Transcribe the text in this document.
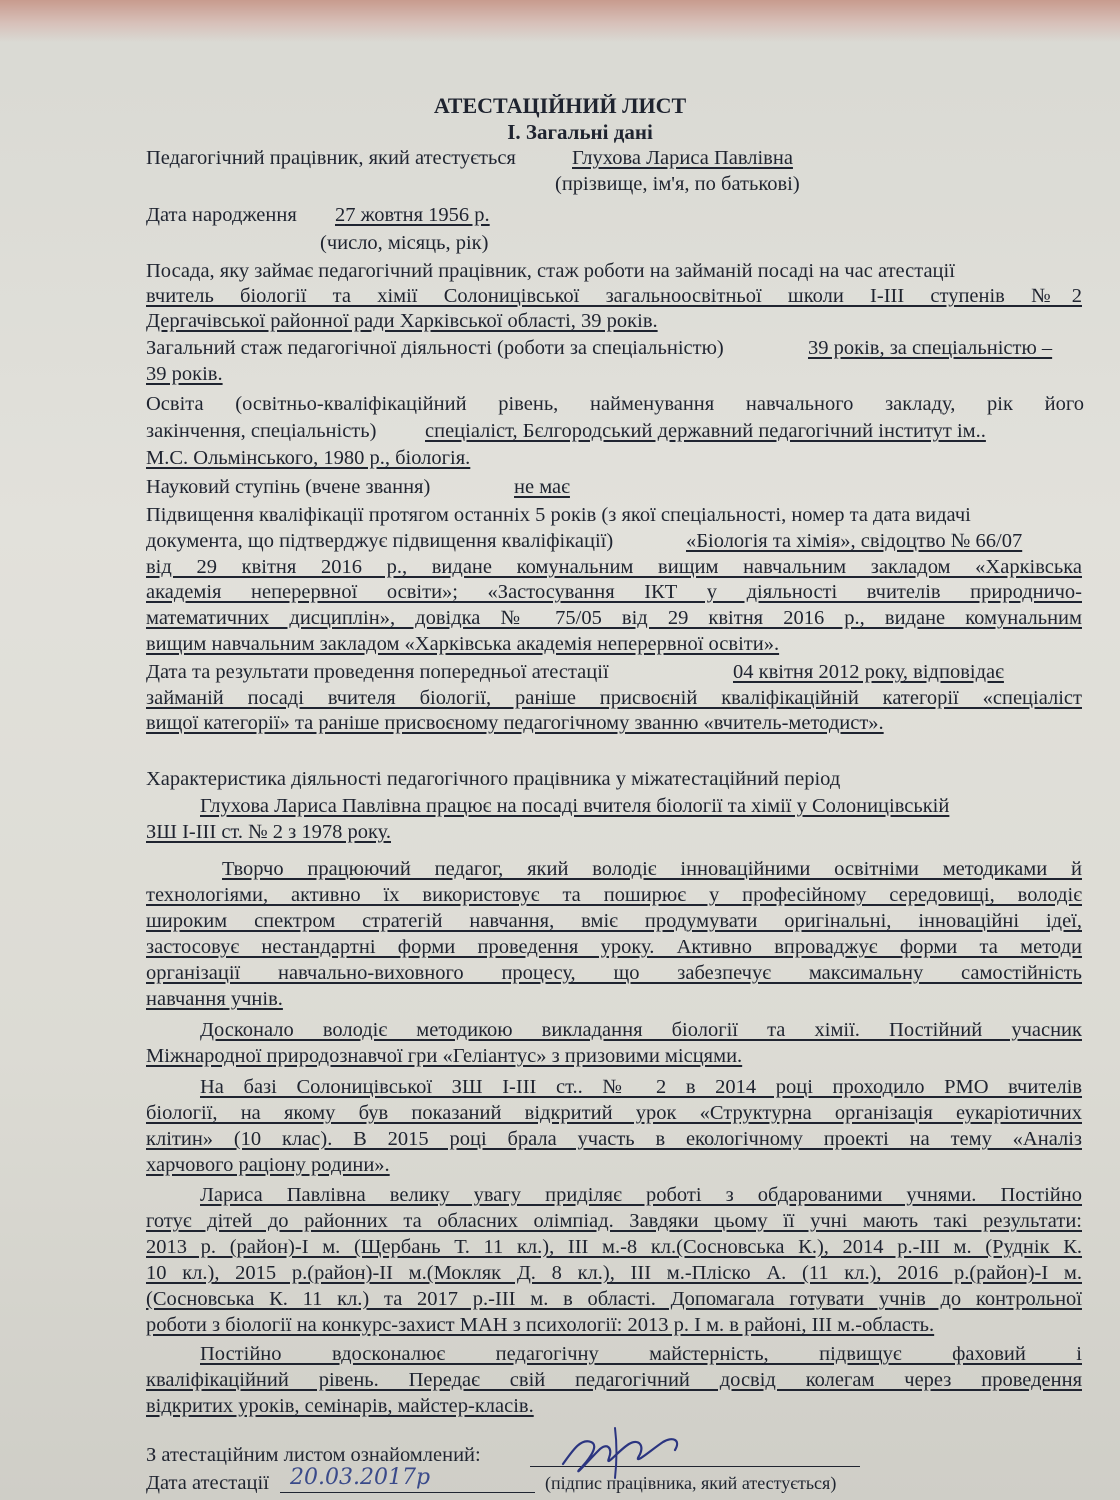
АТЕСТАЦІЙНИЙ ЛИСТ
І. Загальні дані
Педагогічний працівник, який атестується	Глухова Лариса Павлівна
(прізвище, ім'я, по батькові)
Дата народження 27 жовтня 1956 р.
(число, місяць, рік)
Посада, яку займає педагогічний працівник, стаж роботи на займаній посаді на час атестації
вчитель біології та хімії Солоницівської загальноосвітньої школи І-ІІІ ступенів №2
Дергачівської районної ради Харківської області, 39 років.
Загальний стаж педагогічної діяльності (роботи за спеціальністю)	39 років, за спеціальністю –
39 років.
Освіта (освітньо-кваліфікаційний рівень, найменування навчального закладу, рік його
закінчення, спеціальність) спеціаліст, Бєлгородський державний педагогічний інститут ім..
М.С. Ольмінського, 1980 р., біологія.
Науковий ступінь (вчене звання)	не має
Підвищення кваліфікації протягом останніх 5 років (з якої спеціальності, номер та дата видачі
документа, що підтверджує підвищення кваліфікації)	«Біологія та хімія», свідоцтво № 66/07
від 29 квітня 2016 р., видане комунальним вищим навчальним закладом «Харківська
академія неперервної освіти»; «Застосування ІКТ у діяльності вчителів природничо-
математичних дисциплін», довідка № 75/05 від 29 квітня 2016 р., видане комунальним
вищим навчальним закладом «Харківська академія неперервної освіти».
Дата та результати проведення попередньої атестації	04 квітня 2012 року, відповідає
займаній посаді вчителя біології, раніше присвоєній кваліфікаційній категорії «спеціаліст
вищої категорії» та раніше присвоєному педагогічному званню «вчитель-методист».
Характеристика діяльності педагогічного працівника у міжатестаційний період
Глухова Лариса Павлівна працює на посаді вчителя біології та хімії у Солоницівській
ЗШ І-ІІІ ст. № 2 з 1978 року.
Творчо працюючий педагог, який володіє інноваційними освітніми методиками й
технологіями, активно їх використовує та поширює у професійному середовищі, володіє
широким спектром стратегій навчання, вміє продумувати оригінальні, інноваційні ідеї,
застосовує нестандартні форми проведення уроку. Активно впроваджує форми та методи
організації навчально-виховного процесу, що забезпечує максимальну самостійність
навчання учнів.
Досконало володіє методикою викладання біології та хімії. Постійний учасник
Міжнародної природознавчої гри «Геліантус» з призовими місцями.
На базі Солоницівської ЗШ І-ІІІ ст.. № 2 в 2014 році проходило РМО вчителів
біології, на якому був показаний відкритий урок «Структурна організація еукаріотичних
клітин» (10 клас). В 2015 році брала участь в екологічному проекті на тему «Аналіз
харчового раціону родини».
Лариса Павлівна велику увагу приділяє роботі з обдарованими учнями. Постійно
готує дітей до районних та обласних олімпіад. Завдяки цьому її учні мають такі результати:
2013 р. (район)-І м. (Щербань Т. 11 кл.), ІІІ м.-8 кл.(Сосновська К.), 2014 р.-ІІІ м. (Руднік К.
10 кл.), 2015 р.(район)-ІІ м.(Мокляк Д. 8 кл.), ІІІ м.-Пліско А. (11 кл.), 2016 р.(район)-І м.
(Сосновська К. 11 кл.) та 2017 р.-ІІІ м. в області. Допомагала готувати учнів до контрольної
роботи з біології на конкурс-захист МАН з психології: 2013 р. І м. в районі, ІІІ м.-область.
Постійно вдосконалює педагогічну майстерність, підвищує фаховий і
кваліфікаційний рівень. Передає свій педагогічний досвід колегам через проведення
відкритих уроків, семінарів, майстер-класів.
З атестаційним листом ознайомлений:
Дата атестації 20.03.2017р	(підпис працівника, який атестується)
